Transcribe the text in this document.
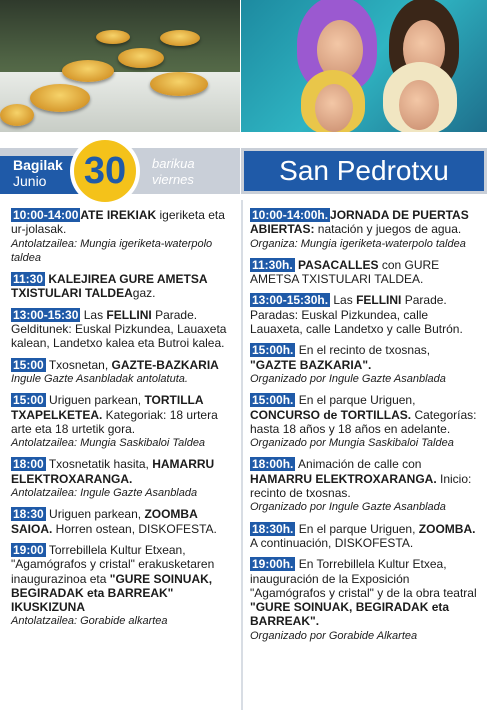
Bagilak
Junio 30	barikua
viernes	San Pedrotxu
10:00-14:00 ATE IREKIAK igeriketa eta ur-jolasak.
Antolatzailea: Mungia igeriketa-waterpolo taldea
11:30 KALEJIREA GURE AMETSA TXISTULARI TALDEAgaz.
13:00-15:30 Las FELLINI Parade. Gelditunek: Euskal Pizkundea, Lauaxeta kalean, Landetxo kalea eta Butroi kalea.
15:00 Txosnetan, GAZTE-BAZKARIA
Ingule Gazte Asanbladak antolatuta.
15:00 Uriguen parkean, TORTILLA TXAPELKETEA. Kategoriak: 18 urtera arte eta 18 urtetik gora.
Antolatzailea: Mungia Saskibaloi Taldea
18:00 Txosnetatik hasita, HAMARRU ELEKTROXARANGA.
Antolatzailea: Ingule Gazte Asanblada
18:30 Uriguen parkean, ZOOMBA SAIOA. Horren ostean, DISKOFESTA.
19:00 Torrebillela Kultur Etxean, "Agamógrafos y cristal" erakusketaren inaugurazinoa eta "GURE SOINUAK, BEGIRADAK eta BARREAK" IKUSKIZUNA
Antolatzailea: Gorabide alkartea
10:00-14:00h. JORNADA DE PUERTAS ABIERTAS: natación y juegos de agua.
Organiza: Mungia igeriketa-waterpolo taldea
11:30h. PASACALLES con GURE AMETSA TXISTULARI TALDEA.
13:00-15:30h. Las FELLINI Parade. Paradas: Euskal Pizkundea, calle Lauaxeta, calle Landetxo y calle Butrón.
15:00h. En el recinto de txosnas, "GAZTE BAZKARIA".
Organizado por Ingule Gazte Asanblada
15:00h. En el parque Uriguen, CONCURSO de TORTILLAS. Categorías: hasta 18 años y 18 años en adelante.
Organizado por Mungia Saskibaloi Taldea
18:00h. Animación de calle con HAMARRU ELEKTROXARANGA. Inicio: recinto de txosnas.
Organizado por Ingule Gazte Asanblada
18:30h. En el parque Uriguen, ZOOMBA. A continuación, DISKOFESTA.
19:00h. En Torrebillela Kultur Etxea, inauguración de la Exposición "Agamógrafos y cristal" y de la obra teatral "GURE SOINUAK, BEGIRADAK eta BARREAK".
Organizado por Gorabide Alkartea
